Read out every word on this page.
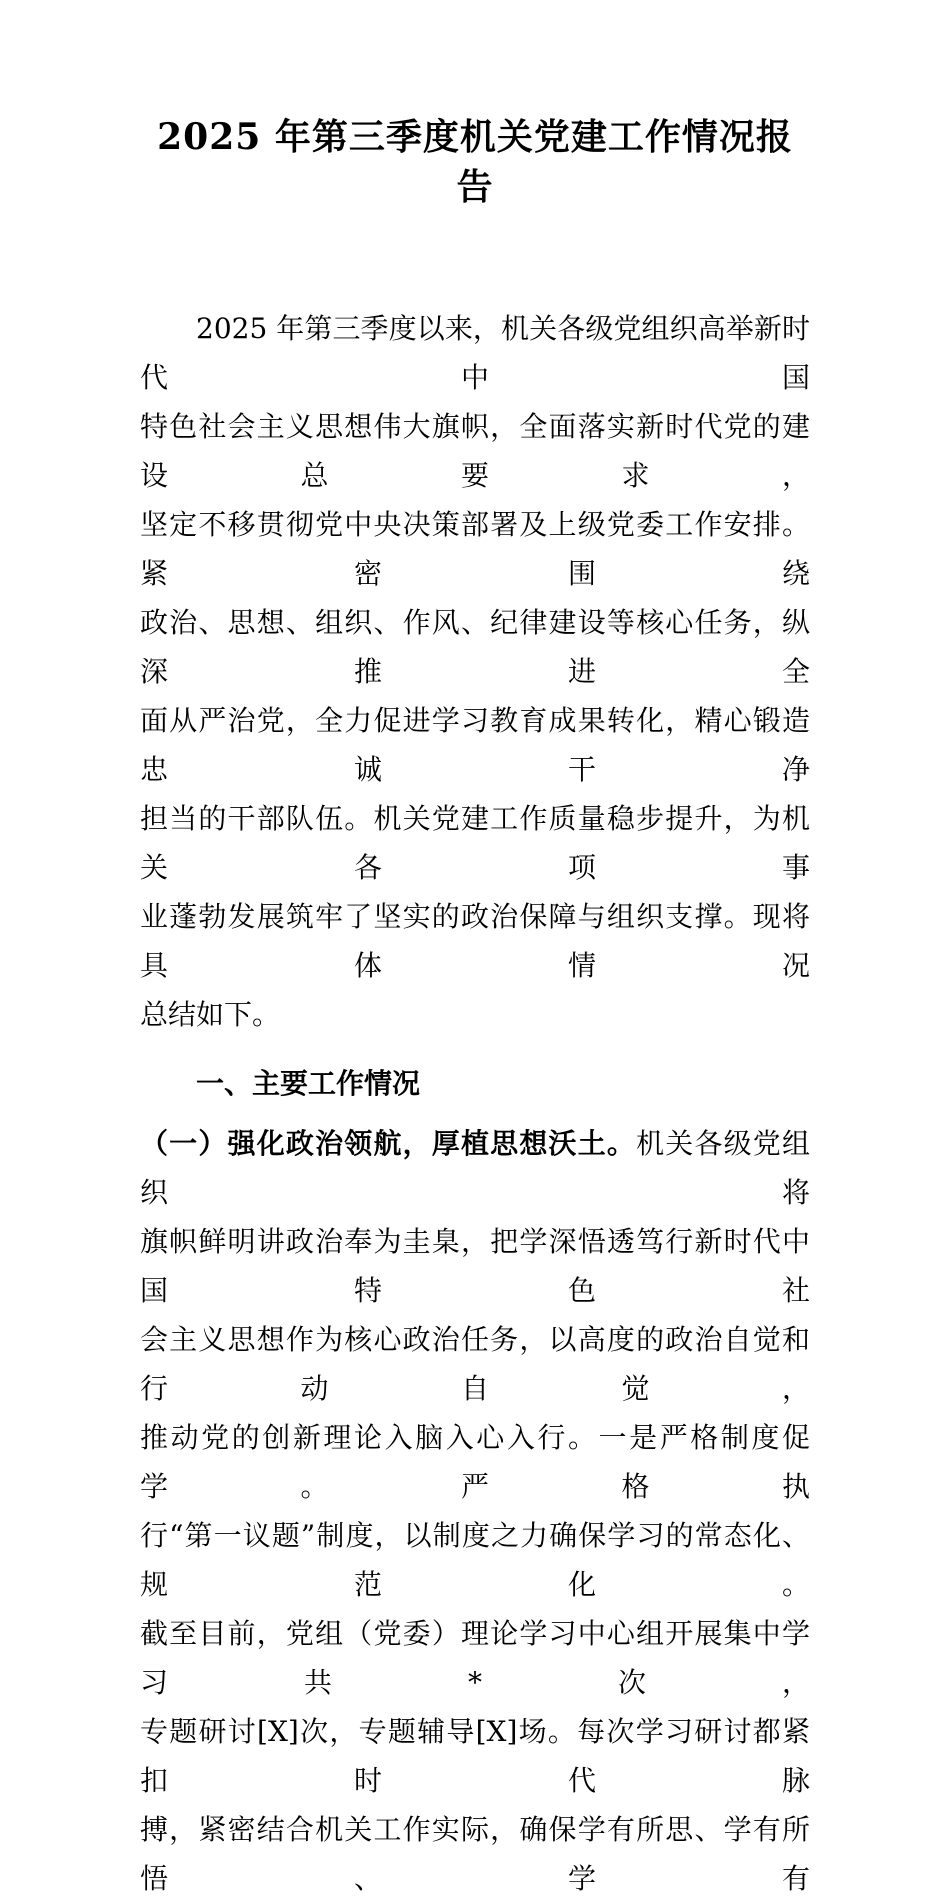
2025 年第三季度机关党建工作情况报告
2025 年第三季度以来，机关各级党组织高举新时代中国
特色社会主义思想伟大旗帜，全面落实新时代党的建设总要求，
坚定不移贯彻党中央决策部署及上级党委工作安排。紧密围绕
政治、思想、组织、作风、纪律建设等核心任务，纵深推进全
面从严治党，全力促进学习教育成果转化，精心锻造忠诚干净
担当的干部队伍。机关党建工作质量稳步提升，为机关各项事
业蓬勃发展筑牢了坚实的政治保障与组织支撑。现将具体情况
总结如下。
一、主要工作情况
（一）强化政治领航，厚植思想沃土。机关各级党组织将
旗帜鲜明讲政治奉为圭臬，把学深悟透笃行新时代中国特色社
会主义思想作为核心政治任务，以高度的政治自觉和行动自觉，
推动党的创新理论入脑入心入行。一是严格制度促学。严格执
行“第一议题”制度，以制度之力确保学习的常态化、规范化。
截至目前，党组（党委）理论学习中心组开展集中学习共*次，
专题研讨[X]次，专题辅导[X]场。每次学习研讨都紧扣时代脉
搏，紧密结合机关工作实际，确保学有所思、学有所悟、学有
